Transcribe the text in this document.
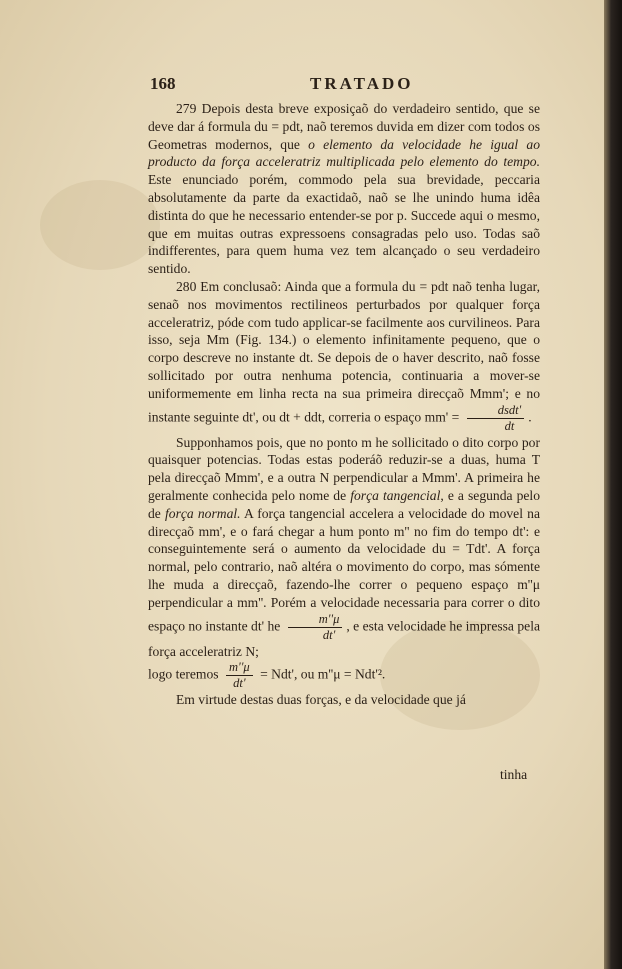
168	TRATADO

279 Depois desta breve exposiçaõ do verdadeiro sentido, que se deve dar á formula du = pdt, naõ teremos duvida em dizer com todos os Geometras modernos, que o elemento da velocidade he igual ao producto da força acceleratriz multiplicada pelo elemento do tempo. Este enunciado porém, commodo pela sua brevidade, peccaria absolutamente da parte da exactidaõ, naõ se lhe unindo huma idêa distinta do que he necessario entender-se por p. Succede aqui o mesmo, que em muitas outras expressoens consagradas pelo uso. Todas saõ indifferentes, para quem huma vez tem alcançado o seu verdadeiro sentido.

280 Em conclusaõ: Ainda que a formula du = pdt naõ tenha lugar, senaõ nos movimentos rectilineos perturbados por qualquer força acceleratriz, póde com tudo applicar-se facilmente aos curvilineos. Para isso, seja Mm (Fig. 134.) o elemento infinitamente pequeno, que o corpo descreve no instante dt. Se depois de o haver descrito, naõ fosse sollicitado por outra nenhuma potencia, continuaria a mover-se uniformemente em linha recta na sua primeira direcçaõ Mmm'; e no instante seguinte dt', ou dt + ddt, correria o espaço $mm' = \frac{\text{dsdt'}}{dt}$ .

Supponhamos pois, que no ponto m he sollicitado o dito corpo por quaisquer potencias. Todas estas poderáõ reduzir-se a duas, huma T pela direcçaõ Mmm', e a outra N perpendicular a Mmm'. A primeira he geralmente conhecida pelo nome de força tangencial, e a segunda pelo de força normal. A força tangencial accelera a velocidade do movel na direcçaõ mm', e o fará chegar a hum ponto m'' no fim do tempo dt': e conseguintemente será o aumento da velocidade du = Tdt'. A força normal, pelo contrario, naõ altéra o movimento do corpo, mas sómente lhe muda a direcçaõ, fazendo-lhe correr o pequeno espaço m''μ perpendicular a mm''. Porém a velocidade necessaria para correr o dito espaço no instante dt' he $\frac{m''\mu}{dt'}$ , e esta velocidade he impressa pela força acceleratriz N;

logo teremos $\frac{m''\mu}{dt'} = Ndt'$, ou m''μ = Ndt'².

Em virtude destas duas forças, e da velocidade que já

tinha
